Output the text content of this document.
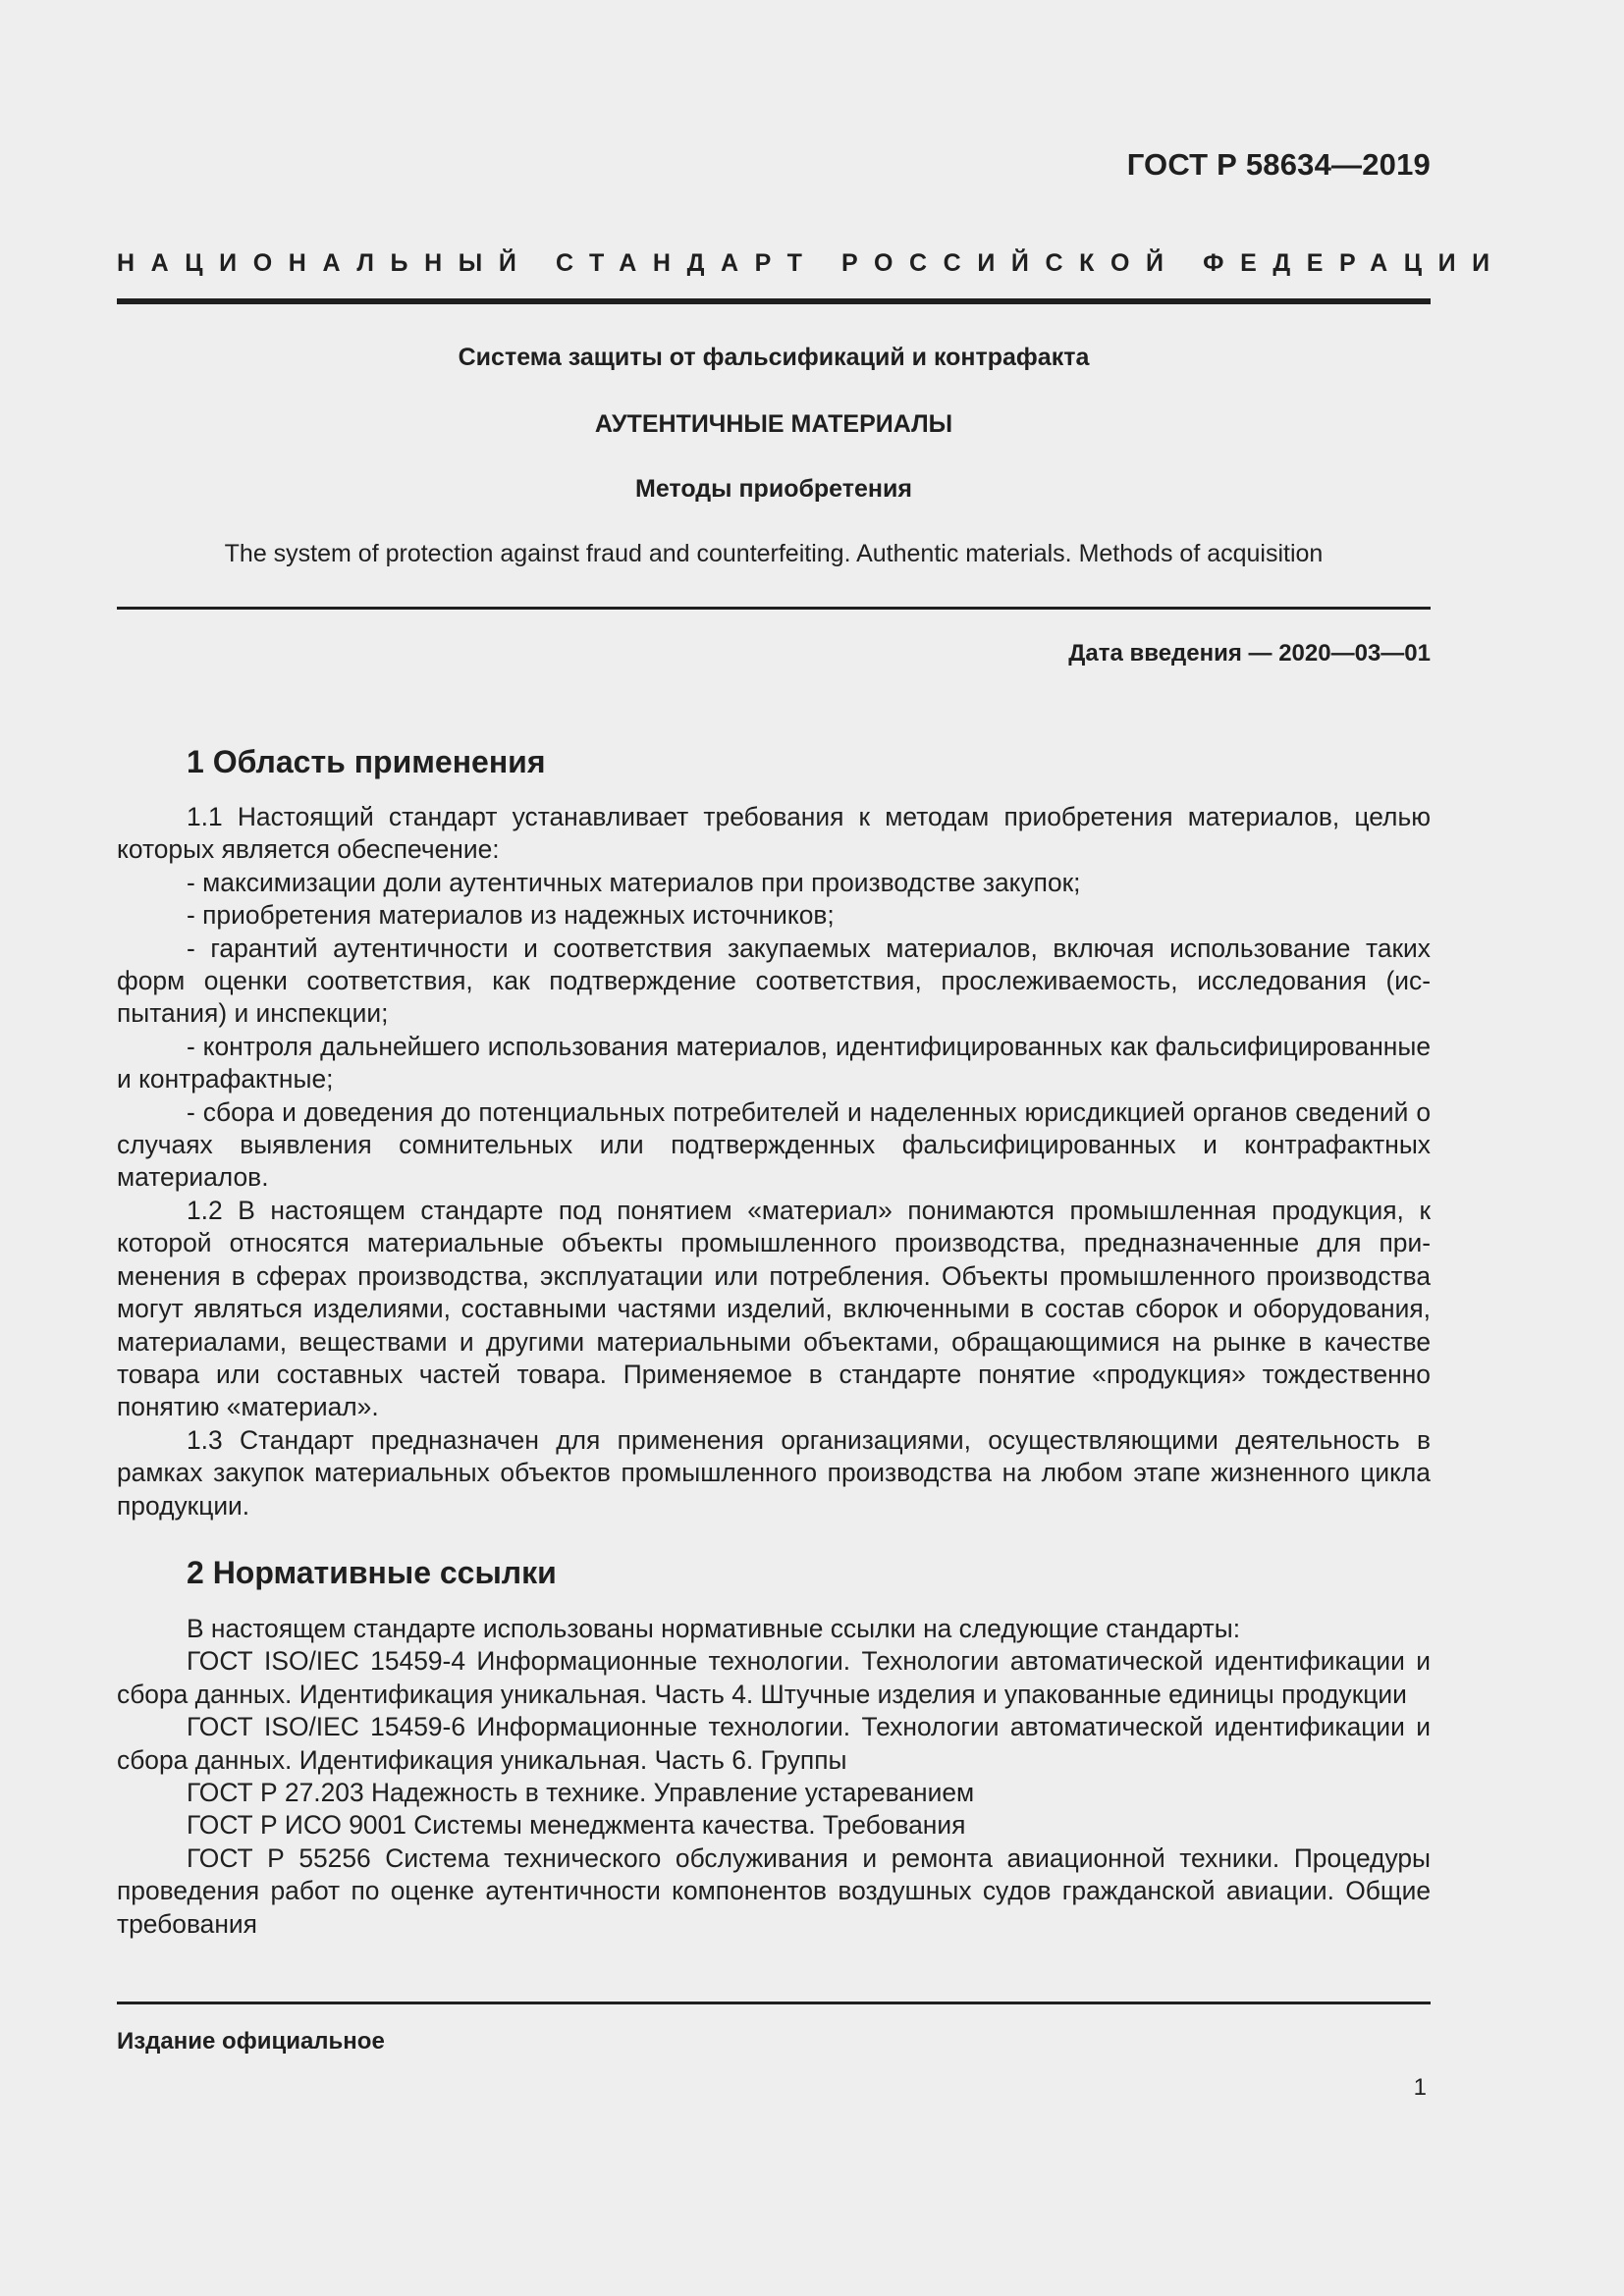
ГОСТ Р 58634—2019
НАЦИОНАЛЬНЫЙ СТАНДАРТ РОССИЙСКОЙ ФЕДЕРАЦИИ
Система защиты от фальсификаций и контрафакта
АУТЕНТИЧНЫЕ МАТЕРИАЛЫ
Методы приобретения
The system of protection against fraud and counterfeiting. Authentic materials. Methods of acquisition
Дата введения — 2020—03—01
1 Область применения

1.1 Настоящий стандарт устанавливает требования к методам приобретения материалов, целью которых является обеспечение:

- максимизации доли аутентичных материалов при производстве закупок;

- приобретения материалов из надежных источников;

- гарантий аутентичности и соответствия закупаемых материалов, включая использование таких форм оценки соответствия, как подтверждение соответствия, прослеживаемость, исследования (испытания) и инспекции;

- контроля дальнейшего использования материалов, идентифицированных как фальсифицированные и контрафактные;

- сбора и доведения до потенциальных потребителей и наделенных юрисдикцией органов сведений о случаях выявления сомнительных или подтвержденных фальсифицированных и контрафактных материалов.

1.2 В настоящем стандарте под понятием «материал» понимаются промышленная продукция, к которой относятся материальные объекты промышленного производства, предназначенные для применения в сферах производства, эксплуатации или потребления. Объекты промышленного производства могут являться изделиями, составными частями изделий, включенными в состав сборок и оборудования, материалами, веществами и другими материальными объектами, обращающимися на рынке в качестве товара или составных частей товара. Применяемое в стандарте понятие «продукция» тождественно понятию «материал».

1.3 Стандарт предназначен для применения организациями, осуществляющими деятельность в рамках закупок материальных объектов промышленного производства на любом этапе жизненного цикла продукции.

2 Нормативные ссылки

В настоящем стандарте использованы нормативные ссылки на следующие стандарты:

ГОСТ ISO/IEC 15459-4 Информационные технологии. Технологии автоматической идентификации и сбора данных. Идентификация уникальная. Часть 4. Штучные изделия и упакованные единицы продукции

ГОСТ ISO/IEC 15459-6 Информационные технологии. Технологии автоматической идентификации и сбора данных. Идентификация уникальная. Часть 6. Группы

ГОСТ Р 27.203 Надежность в технике. Управление устареванием

ГОСТ Р ИСО 9001 Системы менеджмента качества. Требования

ГОСТ Р 55256 Система технического обслуживания и ремонта авиационной техники. Процедуры проведения работ по оценке аутентичности компонентов воздушных судов гражданской авиации. Общие требования

Издание официальное
1
